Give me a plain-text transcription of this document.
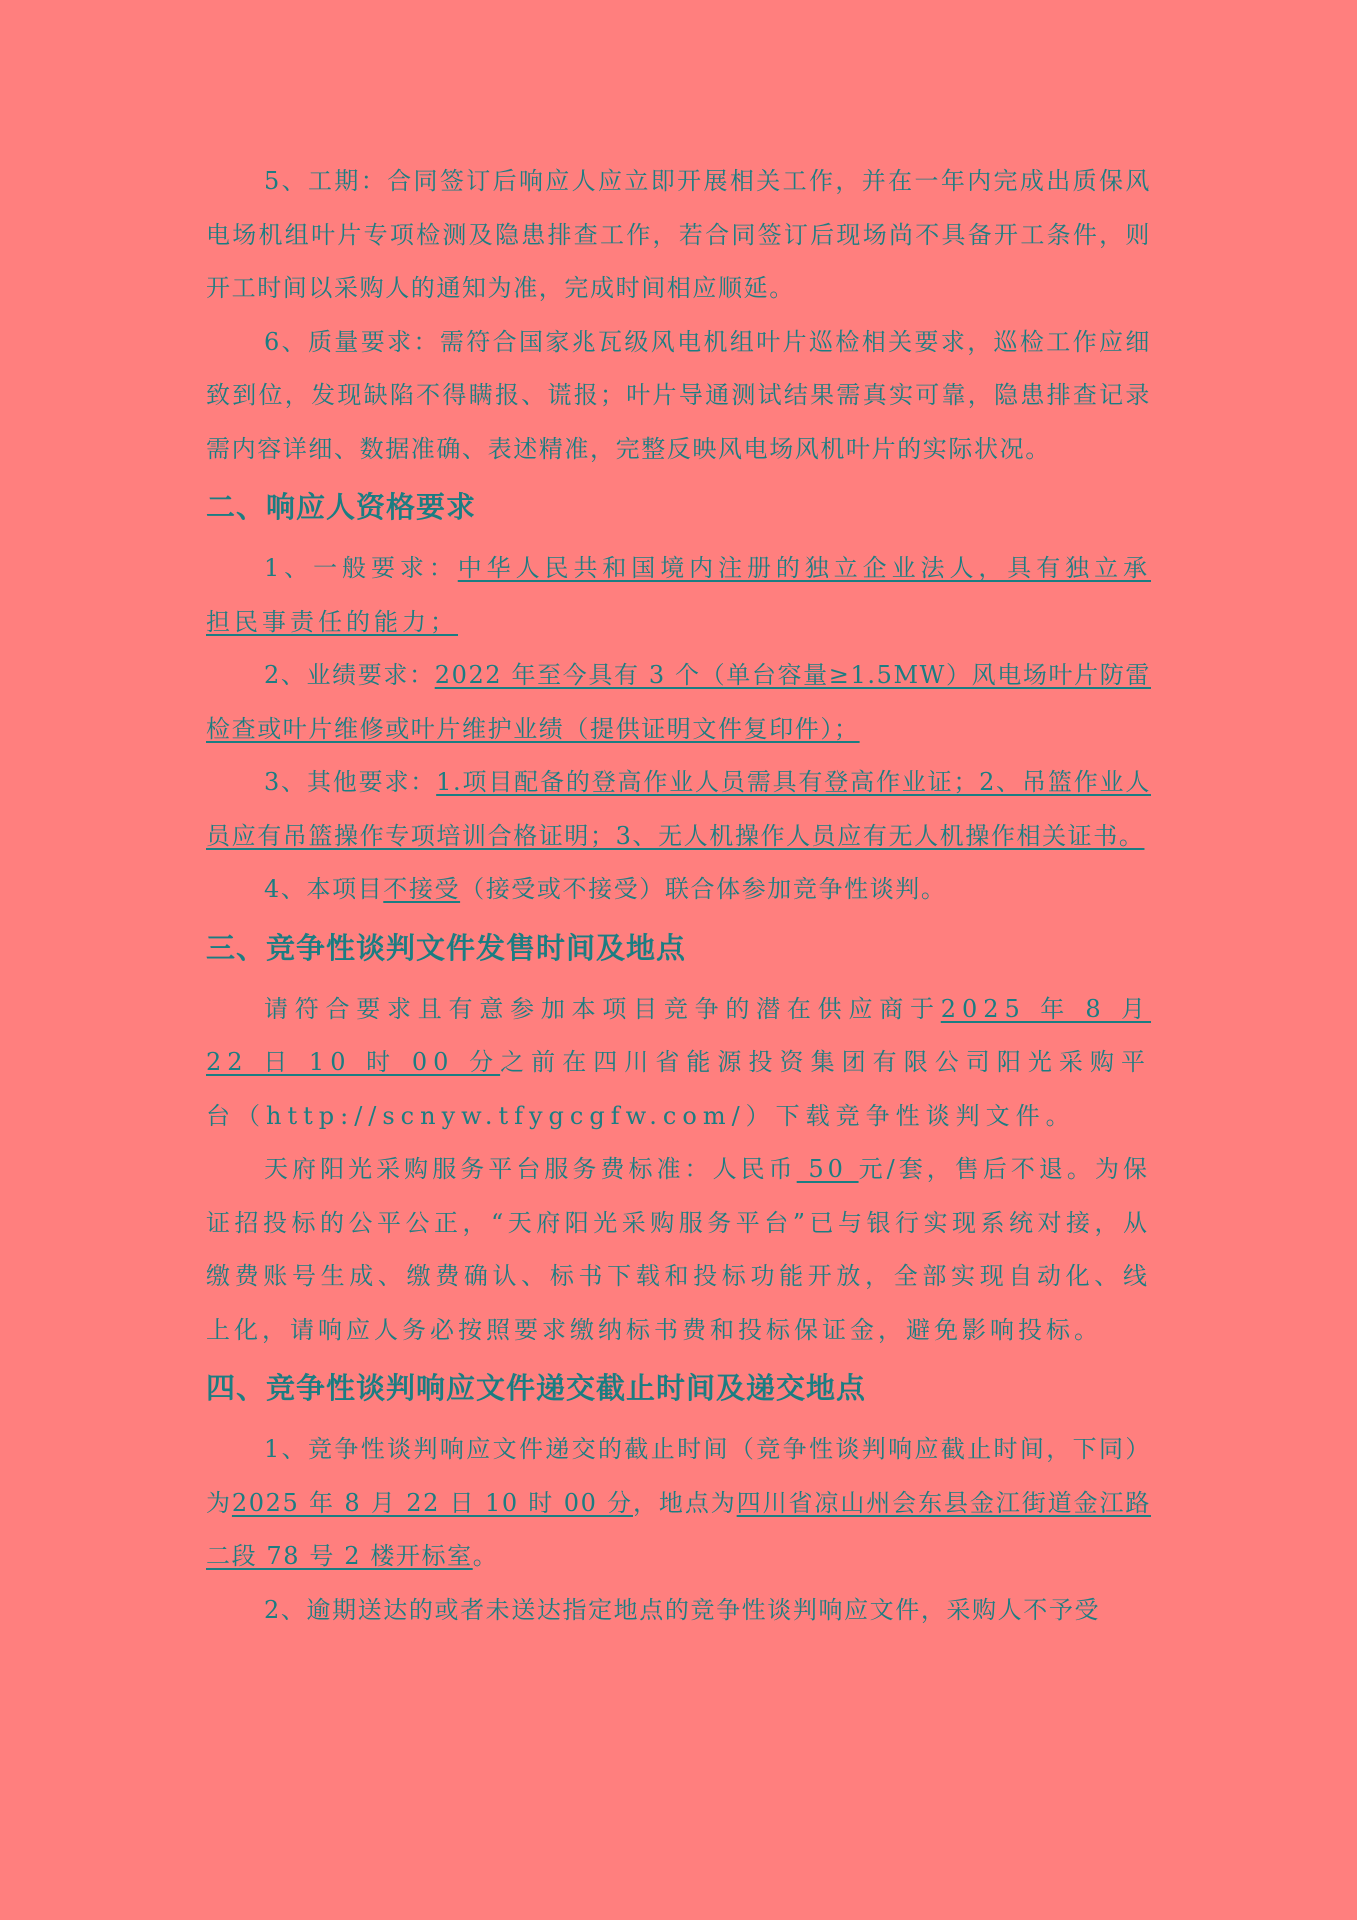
5、工期：合同签订后响应人应立即开展相关工作，并在一年内完成出质保风电场机组叶片专项检测及隐患排查工作，若合同签订后现场尚不具备开工条件，则开工时间以采购人的通知为准，完成时间相应顺延。

6、质量要求：需符合国家兆瓦级风电机组叶片巡检相关要求，巡检工作应细致到位，发现缺陷不得瞒报、谎报；叶片导通测试结果需真实可靠，隐患排查记录需内容详细、数据准确、表述精准，完整反映风电场风机叶片的实际状况。

二、响应人资格要求

1、一般要求：中华人民共和国境内注册的独立企业法人，具有独立承担民事责任的能力；

2、业绩要求：2022 年至今具有 3 个（单台容量≥1.5MW）风电场叶片防雷检查或叶片维修或叶片维护业绩（提供证明文件复印件）；

3、其他要求：1.项目配备的登高作业人员需具有登高作业证；2、吊篮作业人员应有吊篮操作专项培训合格证明；3、无人机操作人员应有无人机操作相关证书。

4、本项目不接受（接受或不接受）联合体参加竞争性谈判。

三、竞争性谈判文件发售时间及地点

请符合要求且有意参加本项目竞争的潜在供应商于2025 年 8 月 22 日 10 时 00 分之前在四川省能源投资集团有限公司阳光采购平台（http://scnyw.tfygcgfw.com/）下载竞争性谈判文件。

天府阳光采购服务平台服务费标准：人民币 50 元/套，售后不退。为保证招投标的公平公正，“天府阳光采购服务平台”已与银行实现系统对接，从缴费账号生成、缴费确认、标书下载和投标功能开放，全部实现自动化、线上化，请响应人务必按照要求缴纳标书费和投标保证金，避免影响投标。

四、竞争性谈判响应文件递交截止时间及递交地点

1、竞争性谈判响应文件递交的截止时间（竞争性谈判响应截止时间，下同）为2025 年 8 月 22 日 10 时 00 分，地点为四川省凉山州会东县金江街道金江路二段 78 号 2 楼开标室。

2、逾期送达的或者未送达指定地点的竞争性谈判响应文件，采购人不予受
